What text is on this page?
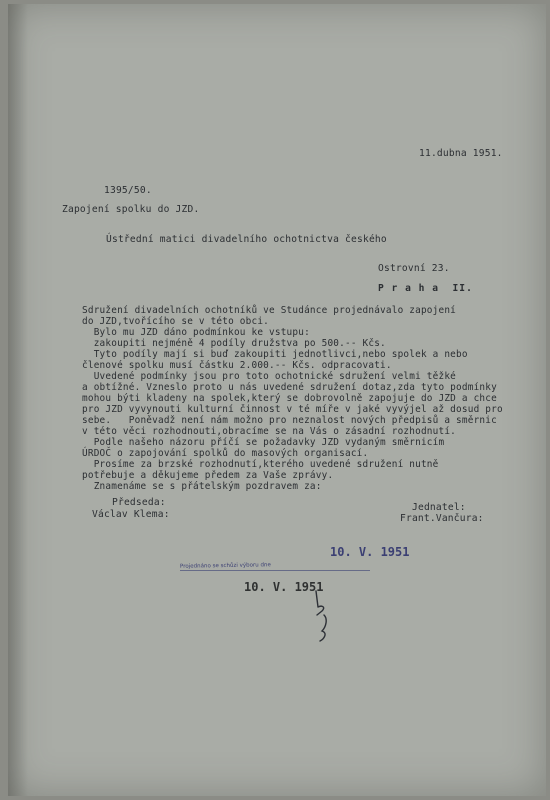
11.dubna 1951.
1395/50.
Zapojení spolku do JZD.
Ústřední matici divadelního ochotnictva českého
Ostrovní 23.
P r a h a  II.
Sdružení divadelních ochotníků ve Studánce projednávalo zapojení
do JZD,tvořícího se v této obci.
Bylo mu JZD dáno podmínkou ke vstupu:
zakoupiti nejméně 4 podíly družstva po 500.-- Kčs.
Tyto podíly mají si buď zakoupiti jednotlivci,nebo spolek a nebo
členové spolku musí částku 2.000.-- Kčs. odpracovati.
Uvedené podmínky jsou pro toto ochotnické sdružení velmi těžké
a obtížné. Vzneslo proto u nás uvedené sdružení dotaz,zda tyto podmínky
mohou býti kladeny na spolek,který se dobrovolně zapojuje do JZD a chce
pro JZD vyvynouti kulturní činnost v té míře v jaké vyvýjel až dosud pro
sebe.   Poněvadž není nám možno pro neznalost nových předpisů a směrnic
v této věci rozhodnouti,obracíme se na Vás o zásadní rozhodnutí.
Podle našeho názoru příčí se požadavky JZD vydaným směrnicím
ÚRDOČ o zapojování spolků do masových organisací.
Prosíme za brzské rozhodnutí,kterého uvedené sdružení nutně
potřebuje a děkujeme předem za Vaše zprávy.
Znamenáme se s přátelským pozdravem za:
Předseda:
Václav Klema:
Jednatel:
Frant.Vančura:
Projednáno se schůzi výboru dne
10. V. 1951
10. V. 1951
